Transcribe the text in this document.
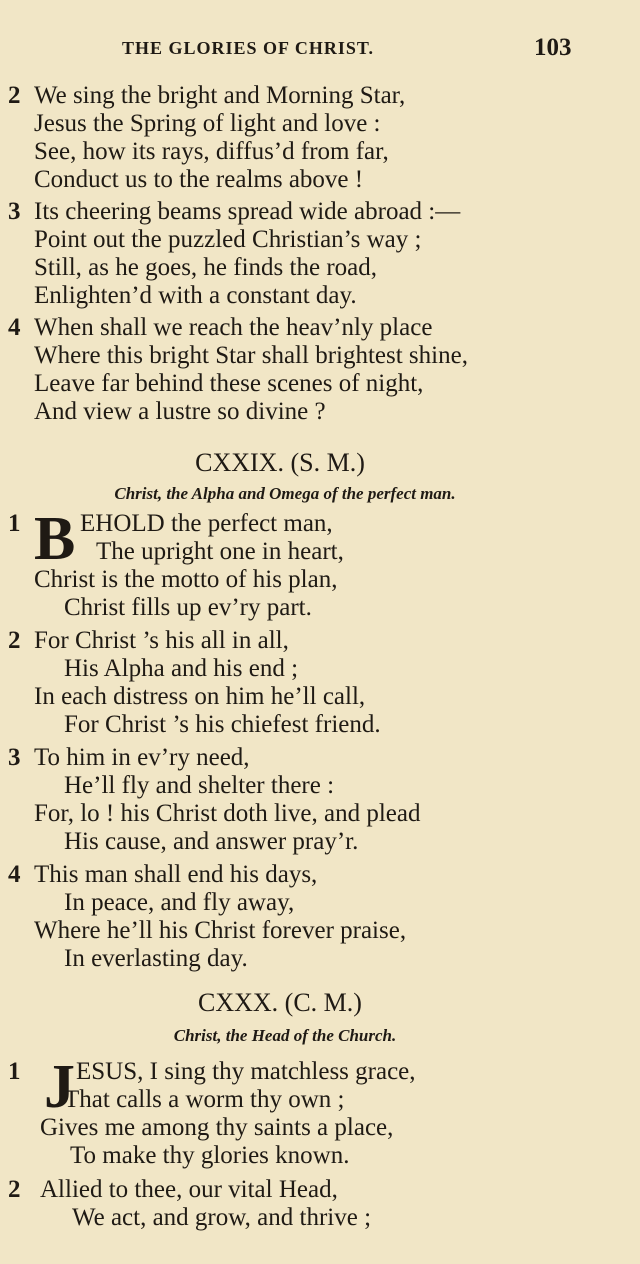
THE GLORIES OF CHRIST.	103
2 We sing the bright and Morning Star,
Jesus the Spring of light and love :
See, how its rays, diffus’d from far,
Conduct us to the realms above !
3 Its cheering beams spread wide abroad :—
Point out the puzzled Christian’s way ;
Still, as he goes, he finds the road,
Enlighten’d with a constant day.
4 When shall we reach the heav’nly place
Where this bright Star shall brightest shine,
Leave far behind these scenes of night,
And view a lustre so divine ?
CXXIX. (S. M.)
Christ, the Alpha and Omega of the perfect man.
1 B EHOLD the perfect man,
The upright one in heart,
Christ is the motto of his plan,
Christ fills up ev’ry part.
2 For Christ ’s his all in all,
His Alpha and his end ;
In each distress on him he’ll call,
For Christ ’s his chiefest friend.
3 To him in ev’ry need,
He’ll fly and shelter there :
For, lo ! his Christ doth live, and plead
His cause, and answer pray’r.
4 This man shall end his days,
In peace, and fly away,
Where he’ll his Christ forever praise,
In everlasting day.
CXXX. (C. M.)
Christ, the Head of the Church.
1 J ESUS, I sing thy matchless grace,
That calls a worm thy own ;
Gives me among thy saints a place,
To make thy glories known.
2 Allied to thee, our vital Head,
We act, and grow, and thrive ;
